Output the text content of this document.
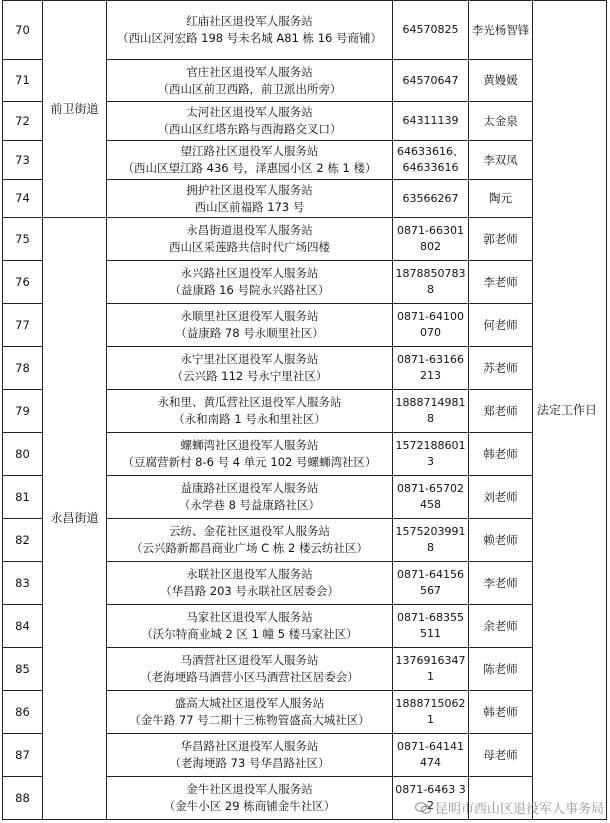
70	前卫街道	红庙社区退役军人服务站
（西山区河宏路 198 号未名城 A81 栋 16 号商铺）	64570825	李光杨智锋	法定工作日
71		官庄社区退役军人服务站
（西山区前卫西路，前卫派出所旁）	64570647	黄嫚媛	
72		太河社区退役军人服务站
（西山区红塔东路与西海路交叉口）	64311139	太金泉	
73		望江路社区退役军人服务站
（西山区望江路 436 号，泽惠园小区 2 栋 1 楼）	64633616、64633616	李双凤	
74		拥护社区退役军人服务站
西山区前福路 173 号	63566267	陶元	
75	永昌街道	永昌街道退役军人服务站
西山区采莲路共信时代广场四楼	0871-66301802	郭老师	
76		永兴路社区退役军人服务站
（益康路 16 号院永兴路社区）	18788507838	李老师	
77		永顺里社区退役军人服务站
（益康路 78 号永顺里社区）	0871-64100070	何老师	
78		永宁里社区退役军人服务站
（云兴路 112 号永宁里社区）	0871-63166213	苏老师	
79		永和里、黄瓜营社区退役军人服务站
（永和南路 1 号永和里社区）	18887149818	郑老师	
80		螺蛳湾社区退役军人服务站
（豆腐营新村 8-6 号 4 单元 102 号螺蛳湾社区）	15721886013	韩老师	
81		益康路社区退役军人服务站
（永学巷 8 号益康路社区）	0871-65702458	刘老师	
82		云纺、金花社区退役军人服务站
（云兴路新都昌商业广场 C 栋 2 楼云纺社区）	15752039918	赖老师	
83		永联社区退役军人服务站
（华昌路 203 号永联社区居委会）	0871-64156567	李老师	
84		马家社区退役军人服务站
（沃尔特商业城 2 区 1 幢 5 楼马家社区）	0871-68355511	余老师	
85		马酒营社区退役军人服务站
（老海埂路马酒营小区马酒营社区居委会）	13769163471	陈老师	
86		盛高大城社区退役军人服务站
（金牛路 77 号二期十三栋物管盛高大城社区）	18887150621	韩老师	
87		华昌路社区退役军人服务站
（老海埂路 73 号华昌路社区）	0871-64141474	母老师	
88		金牛社区退役军人服务站
（金牛小区 29 栋商铺金牛社区）	0871-6463 32		昆明市西山区退役军人事务局
